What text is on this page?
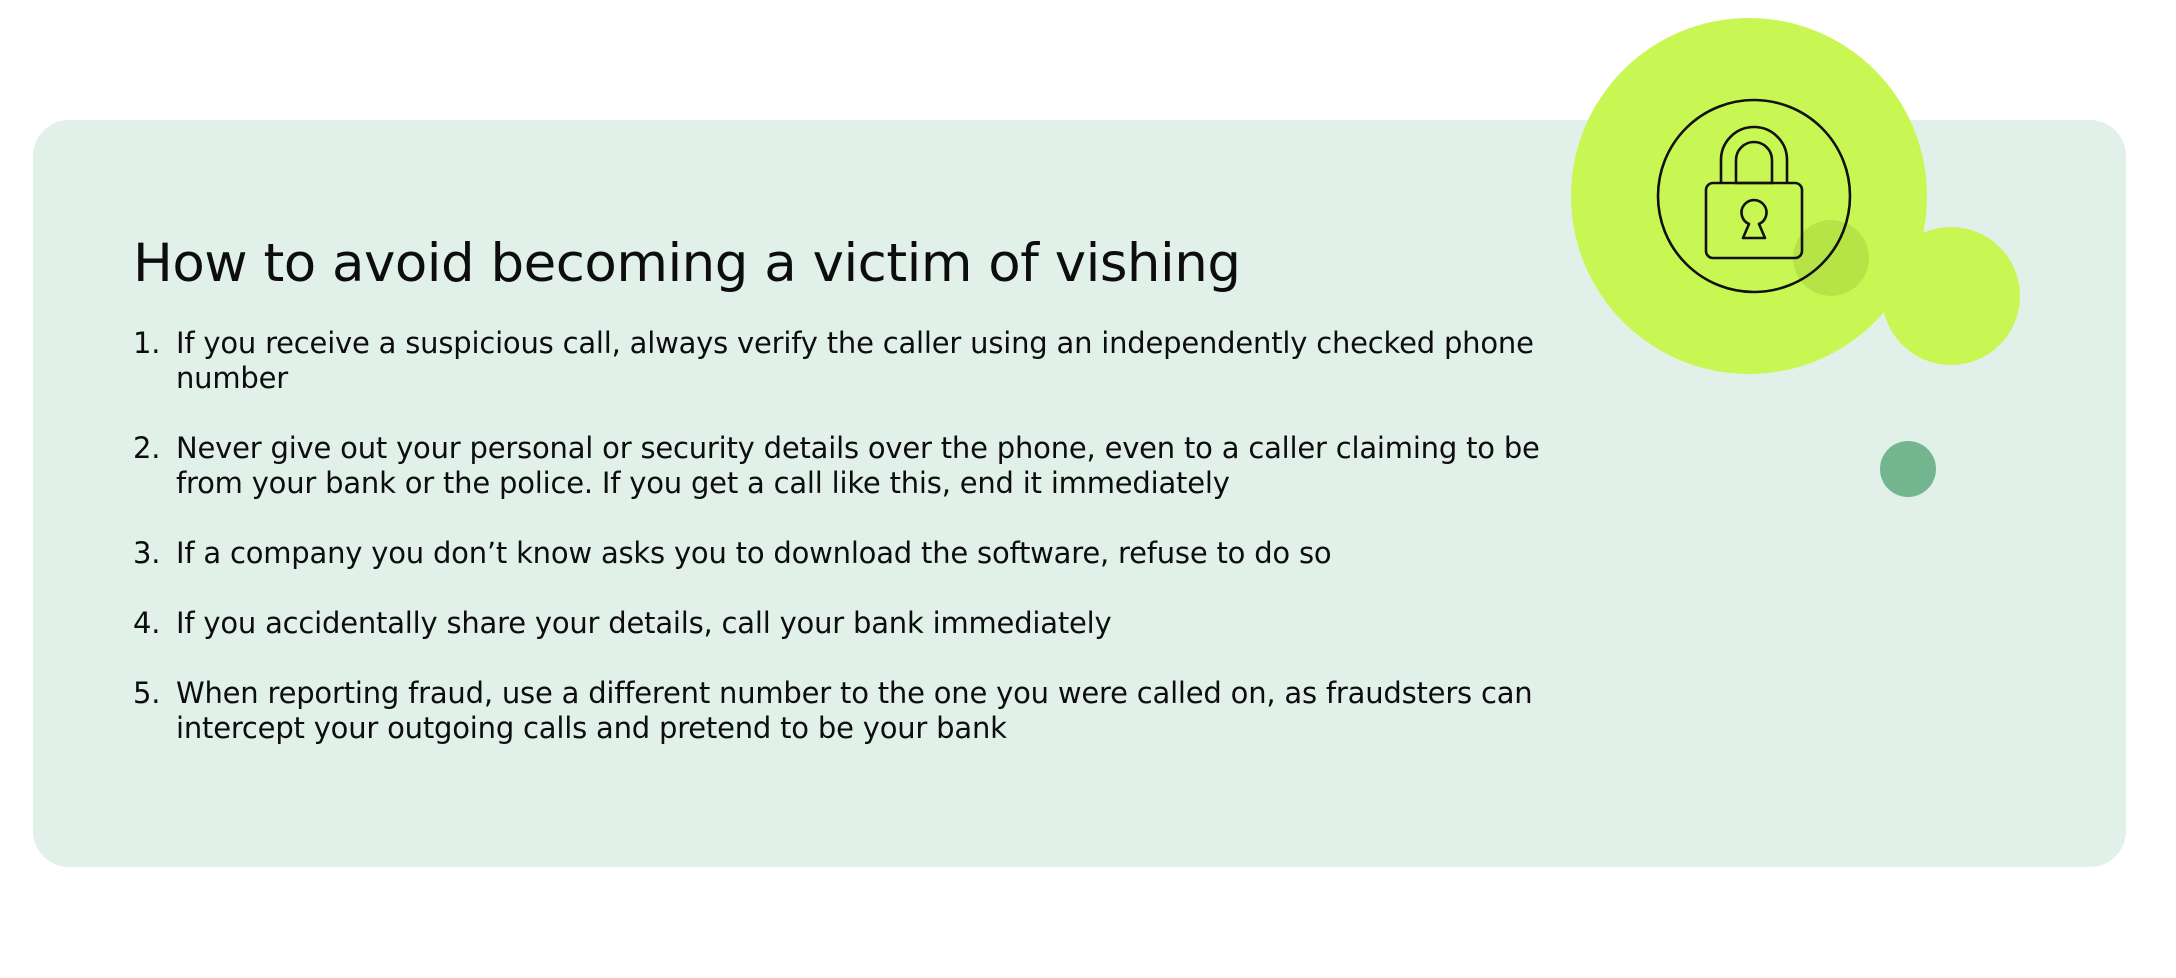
How to avoid becoming a victim of vishing
1. If you receive a suspicious call, always verify the caller using an independently checked phone number
2. Never give out your personal or security details over the phone, even to a caller claiming to be from your bank or the police. If you get a call like this, end it immediately
3. If a company you don’t know asks you to download the software, refuse to do so
4. If you accidentally share your details, call your bank immediately
5. When reporting fraud, use a different number to the one you were called on, as fraudsters can intercept your outgoing calls and pretend to be your bank
